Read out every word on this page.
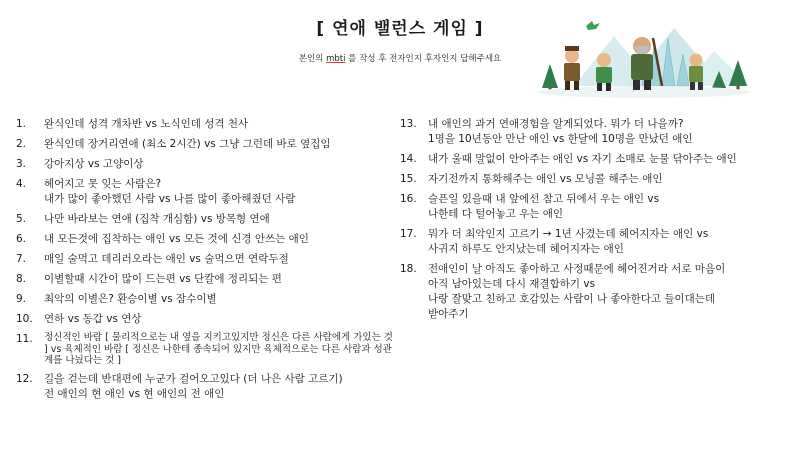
[ 연애 밸런스 게임 ]
본인의 mbti 를 작성 후 전자인지 후자인지 답해주세요
1.	완식인데 성격 개차반 vs 노식인데 성격 천사
2.	완식인데 장거리연애 (최소 2시간) vs 그냥 그런데 바로 옆집임
3.	강아지상 vs 고양이상
4.	헤어지고 못 잊는 사람은?
내가 많이 좋아했던 사람 vs 나를 많이 좋아해줬던 사람
5.	나만 바라보는 연애 (집착 개심함) vs 방목형 연애
6.	내 모든것에 집착하는 애인 vs 모든 것에 신경 안쓰는 애인
7.	매일 술먹고 데리러오라는 애인 vs 술먹으면 연락두절
8.	이별할때 시간이 많이 드는편 vs 단칼에 정리되는 편
9.	최악의 이별은? 환승이별 vs 잠수이별
10.	연하 vs 동갑 vs 연상
11.	정신적인 바람 [ 물리적으로는 내 옆을 지키고있지만 정신은 다른 사람에게 가있는 것 ] vs 육체적인 바람 [ 정신은 나한테 종속되어 있지만 육체적으로는 다른 사람과 성관계를 나눴다는 것 ]
12.	길을 걷는데 반대편에 누군가 걸어오고있다 (더 나은 사람 고르기)
전 애인의 현 애인 vs 현 애인의 전 애인
13.	내 애인의 과거 연애경험을 알게되었다. 뭐가 더 나을까?
1명을 10년동안 만난 애인 vs 한달에 10명을 만났던 애인
14.	내가 울때 말없이 안아주는 애인 vs 자기 소매로 눈물 닦아주는 애인
15.	자기전까지 통화해주는 애인 vs 모닝콜 해주는 애인
16.	슬픈일 있을때 내 앞에선 참고 뒤에서 우는 애인 vs
나한테 다 털어놓고 우는 애인
17.	뭐가 더 최악인지 고르기 → 1년 사겼는데 헤어지자는 애인 vs
사귀지 하루도 안지났는데 헤어지자는 애인
18.	전애인이 날 아직도 좋아하고 사정때문에 헤어진거라 서로 마음이
아직 남아있는데 다시 재결합하기 vs
나랑 잘맞고 친하고 호감있는 사람이 나 좋아한다고 들이대는데
받아주기
